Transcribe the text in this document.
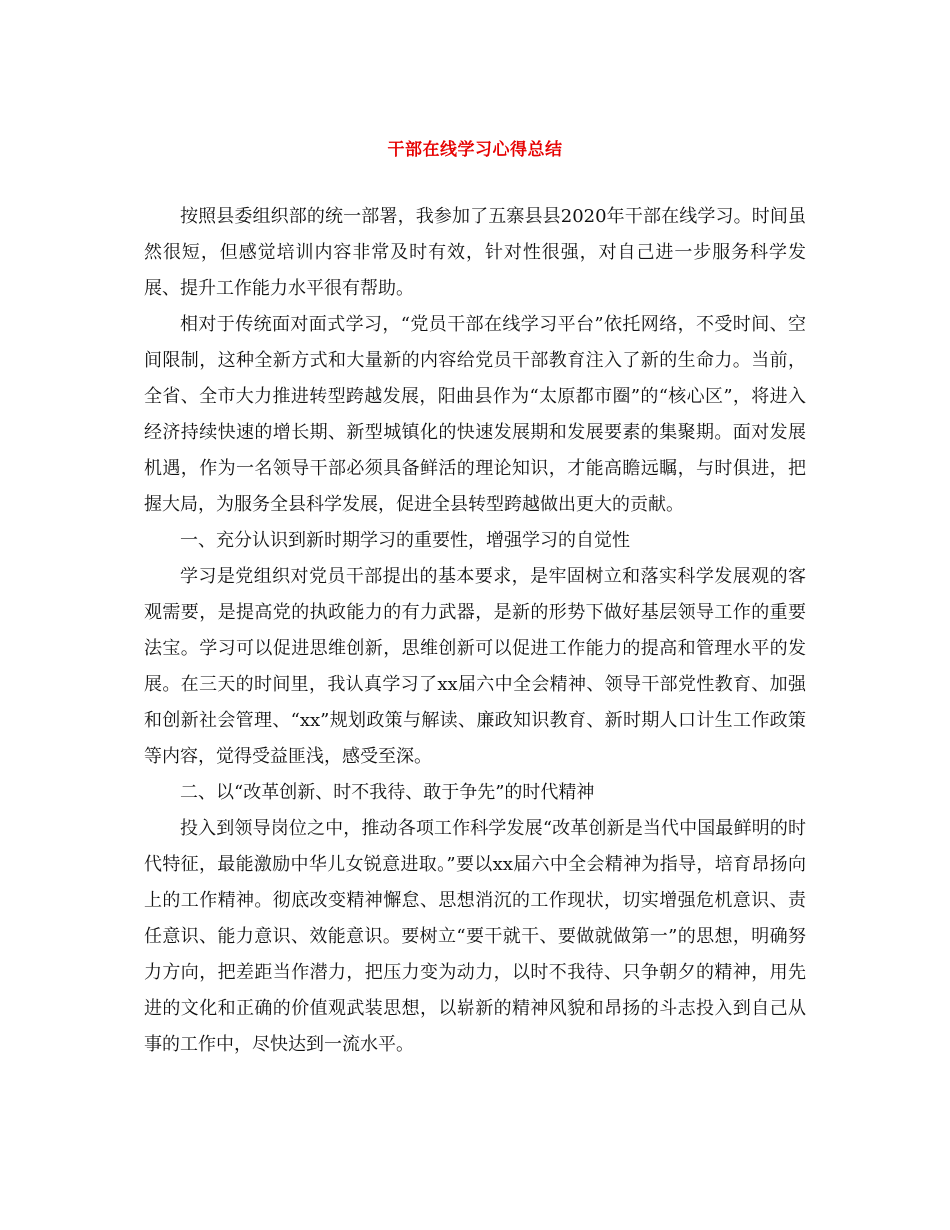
干部在线学习心得总结

按照县委组织部的统一部署，我参加了五寨县县2020年干部在线学习。时间虽然很短，但感觉培训内容非常及时有效，针对性很强，对自己进一步服务科学发展、提升工作能力水平很有帮助。

相对于传统面对面式学习，“党员干部在线学习平台”依托网络，不受时间、空间限制，这种全新方式和大量新的内容给党员干部教育注入了新的生命力。当前，全省、全市大力推进转型跨越发展，阳曲县作为“太原都市圈”的“核心区”，将进入经济持续快速的增长期、新型城镇化的快速发展期和发展要素的集聚期。面对发展机遇，作为一名领导干部必须具备鲜活的理论知识，才能高瞻远瞩，与时俱进，把握大局，为服务全县科学发展，促进全县转型跨越做出更大的贡献。

一、充分认识到新时期学习的重要性，增强学习的自觉性

学习是党组织对党员干部提出的基本要求，是牢固树立和落实科学发展观的客观需要，是提高党的执政能力的有力武器，是新的形势下做好基层领导工作的重要法宝。学习可以促进思维创新，思维创新可以促进工作能力的提高和管理水平的发展。在三天的时间里，我认真学习了xx届六中全会精神、领导干部党性教育、加强和创新社会管理、“xx”规划政策与解读、廉政知识教育、新时期人口计生工作政策等内容，觉得受益匪浅，感受至深。

二、以“改革创新、时不我待、敢于争先”的时代精神

投入到领导岗位之中，推动各项工作科学发展“改革创新是当代中国最鲜明的时代特征，最能激励中华儿女锐意进取。”要以xx届六中全会精神为指导，培育昂扬向上的工作精神。彻底改变精神懈怠、思想消沉的工作现状，切实增强危机意识、责任意识、能力意识、效能意识。要树立“要干就干、要做就做第一”的思想，明确努力方向，把差距当作潜力，把压力变为动力，以时不我待、只争朝夕的精神，用先进的文化和正确的价值观武装思想，以崭新的精神风貌和昂扬的斗志投入到自己从事的工作中，尽快达到一流水平。
